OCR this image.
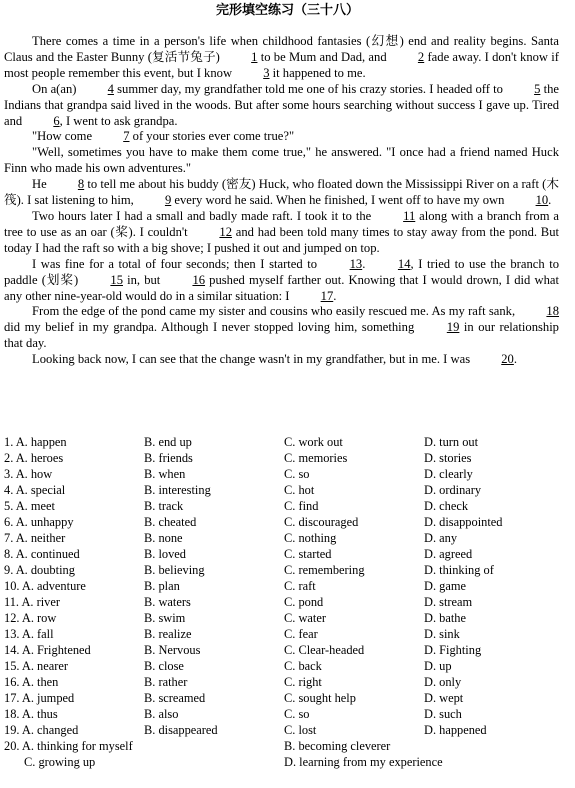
完形填空练习（三十八）

There comes a time in a person's life when childhood fantasies (幻想) end and reality begins. Santa Claus and the Easter Bunny (复活节兔子) 1 to be Mum and Dad, and 2 fade away. I don't know if most people remember this event, but I know 3 it happened to me.

On a(an) 4 summer day, my grandfather told me one of his crazy stories. I headed off to 5 the Indians that grandpa said lived in the woods. But after some hours searching without success I gave up. Tired and 6, I went to ask grandpa.

"How come 7 of your stories ever come true?"

"Well, sometimes you have to make them come true," he answered. "I once had a friend named Huck Finn who made his own adventures."

He 8 to tell me about his buddy (密友) Huck, who floated down the Mississippi River on a raft (木筏). I sat listening to him, 9 every word he said. When he finished, I went off to have my own 10.

Two hours later I had a small and badly made raft. I took it to the 11 along with a branch from a tree to use as an oar (桨). I couldn't 12 and had been told many times to stay away from the pond. But today I had the raft so with a big shove; I pushed it out and jumped on top.

I was fine for a total of four seconds; then I started to 13. 14, I tried to use the branch to paddle (划桨) 15 in, but 16 pushed myself farther out. Knowing that I would drown, I did what any other nine-year-old would do in a similar situation: I 17.

From the edge of the pond came my sister and cousins who easily rescued me. As my raft sank, 18 did my belief in my grandpa. Although I never stopped loving him, something 19 in our relationship that day.

Looking back now, I can see that the change wasn't in my grandfather, but in me. I was 20.

1. A. happen	B. end up	C. work out	D. turn out
2. A. heroes	B. friends	C. memories	D. stories
3. A. how	B. when	C. so	D. clearly
4. A. special	B. interesting	C. hot	D. ordinary
5. A. meet	B. track	C. find	D. check
6. A. unhappy	B. cheated	C. discouraged	D. disappointed
7. A. neither	B. none	C. nothing	D. any
8. A. continued	B. loved	C. started	D. agreed
9. A. doubting	B. believing	C. remembering	D. thinking of
10. A. adventure	B. plan	C. raft	D. game
11. A. river	B. waters	C. pond	D. stream
12. A. row	B. swim	C. water	D. bathe
13. A. fall	B. realize	C. fear	D. sink
14. A. Frightened	B. Nervous	C. Clear-headed	D. Fighting
15. A. nearer	B. close	C. back	D. up
16. A. then	B. rather	C. right	D. only
17. A. jumped	B. screamed	C. sought help	D. wept
18. A. thus	B. also	C. so	D. such
19. A. changed	B. disappeared	C. lost	D. happened
20. A. thinking for myself	B. becoming cleverer
C. growing up	D. learning from my experience
